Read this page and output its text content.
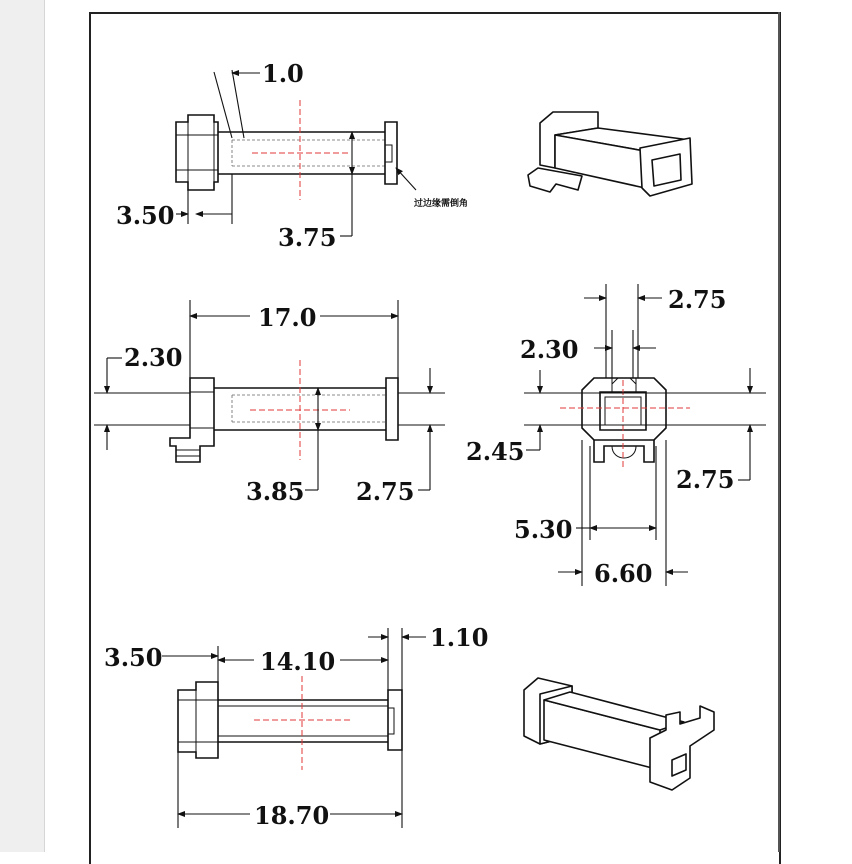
1.0
3.50
3.75
过边缘需倒角
17.0
2.30
3.85 2.75
2.75
2.30
2.45
2.75
5.30
6.60
3.50	14.10
1.10
18.70
